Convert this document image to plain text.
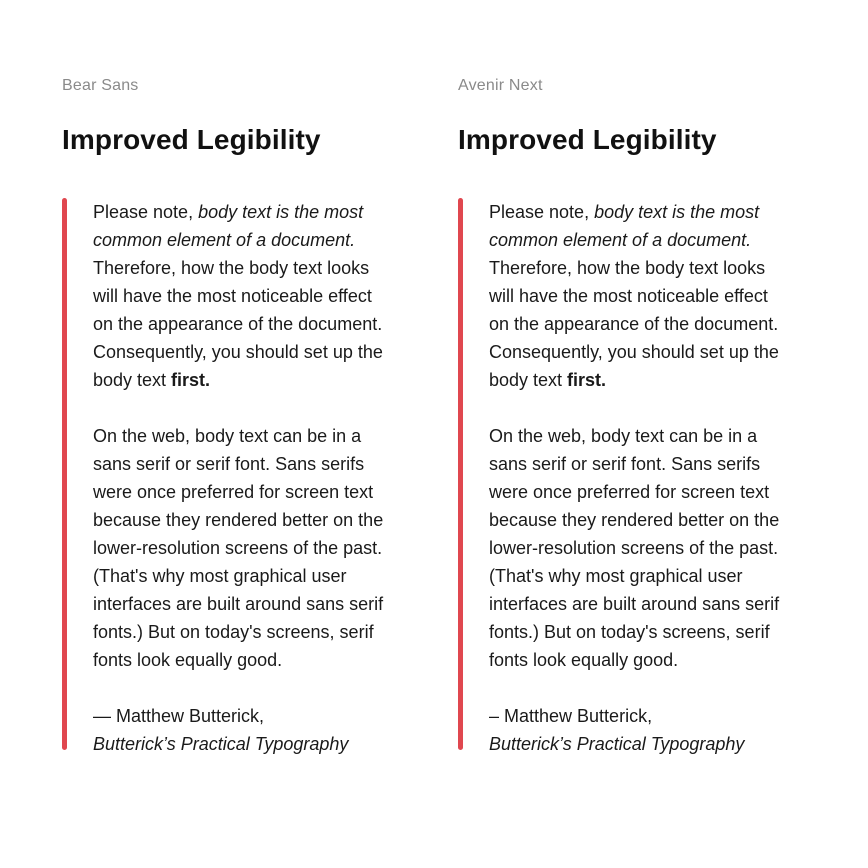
Bear Sans
Improved Legibility

Please note, body text is the most
common element of a document.
Therefore, how the body text looks
will have the most noticeable effect
on the appearance of the document.
Consequently, you should set up the
body text first.

On the web, body text can be in a
sans serif or serif font. Sans serifs
were once preferred for screen text
because they rendered better on the
lower-resolution screens of the past.
(That's why most graphical user
interfaces are built around sans serif
fonts.) But on today's screens, serif
fonts look equally good.

— Matthew Butterick,
Butterick’s Practical Typography

Avenir Next
Improved Legibility

Please note, body text is the most
common element of a document.
Therefore, how the body text looks
will have the most noticeable effect
on the appearance of the document.
Consequently, you should set up the
body text first.

On the web, body text can be in a
sans serif or serif font. Sans serifs
were once preferred for screen text
because they rendered better on the
lower-resolution screens of the past.
(That's why most graphical user
interfaces are built around sans serif
fonts.) But on today's screens, serif
fonts look equally good.

– Matthew Butterick,
Butterick’s Practical Typography
